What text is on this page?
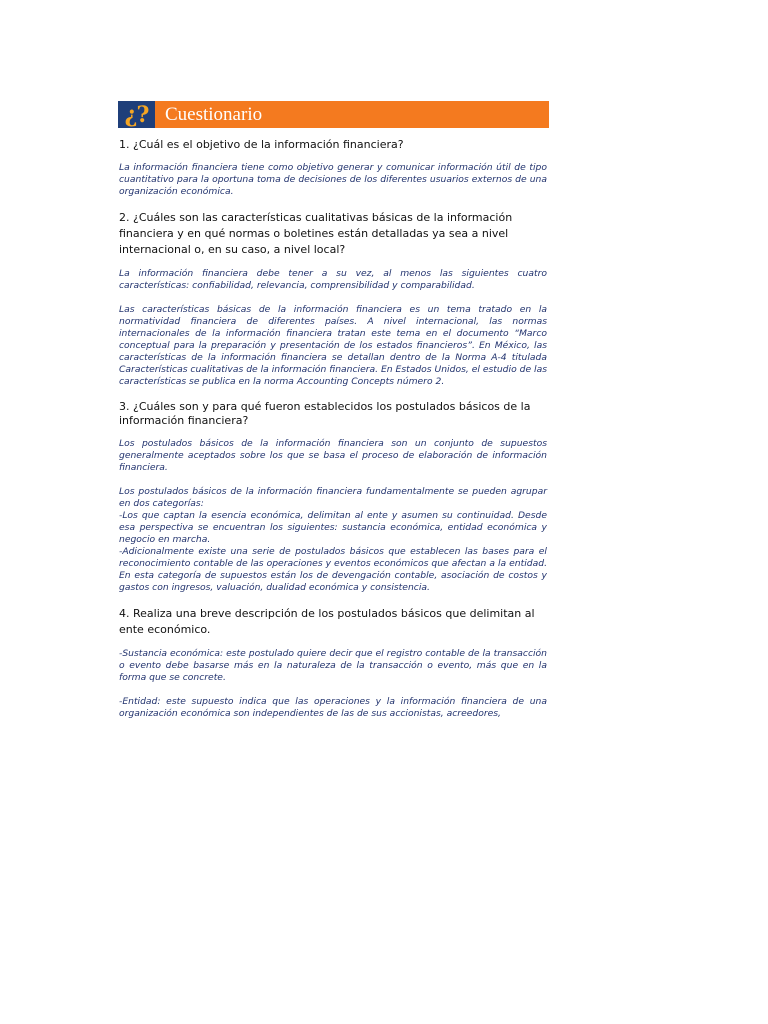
¿? Cuestionario

1. ¿Cuál es el objetivo de la información financiera?

La información financiera tiene como objetivo generar y comunicar información útil de tipo cuantitativo para la oportuna toma de decisiones de los diferentes usuarios externos de una organización económica.

2. ¿Cuáles son las características cualitativas básicas de la información financiera y en qué normas o boletines están detalladas ya sea a nivel internacional o, en su caso, a nivel local?

La información financiera debe tener a su vez, al menos las siguientes cuatro características: confiabilidad, relevancia, comprensibilidad y comparabilidad.

Las características básicas de la información financiera es un tema tratado en la normatividad financiera de diferentes países. A nivel internacional, las normas internacionales de la información financiera tratan este tema en el documento “Marco conceptual para la preparación y presentación de los estados financieros”. En México, las características de la información financiera se detallan dentro de la Norma A-4 titulada Características cualitativas de la información financiera. En Estados Unidos, el estudio de las características se publica en la norma Accounting Concepts número 2.

3. ¿Cuáles son y para qué fueron establecidos los postulados básicos de la información financiera?

Los postulados básicos de la información financiera son un conjunto de supuestos generalmente aceptados sobre los que se basa el proceso de elaboración de información financiera.

Los postulados básicos de la información financiera fundamentalmente se pueden agrupar en dos categorías:

-Los que captan la esencia económica, delimitan al ente y asumen su continuidad. Desde esa perspectiva se encuentran los siguientes: sustancia económica, entidad económica y negocio en marcha.

-Adicionalmente existe una serie de postulados básicos que establecen las bases para el reconocimiento contable de las operaciones y eventos económicos que afectan a la entidad. En esta categoría de supuestos están los de devengación contable, asociación de costos y gastos con ingresos, valuación, dualidad económica y consistencia.

4. Realiza una breve descripción de los postulados básicos que delimitan al ente económico.

-Sustancia económica: este postulado quiere decir que el registro contable de la transacción o evento debe basarse más en la naturaleza de la transacción o evento, más que en la forma que se concrete.

-Entidad: este supuesto indica que las operaciones y la información financiera de una organización económica son independientes de las de sus accionistas, acreedores,
